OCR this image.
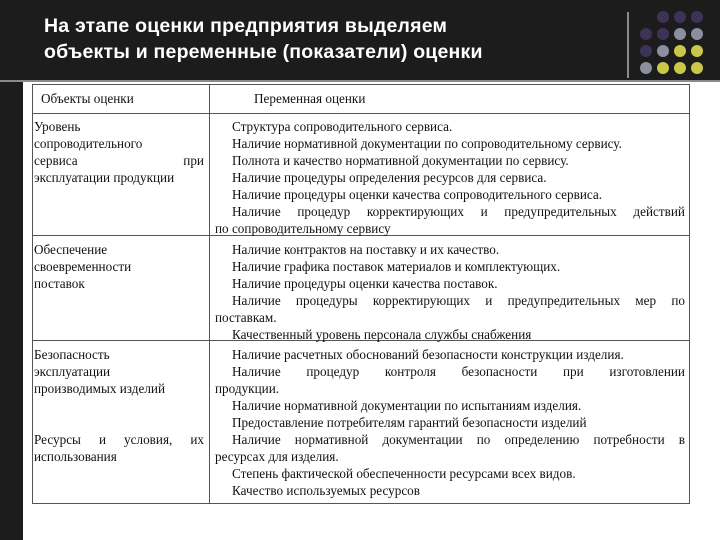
На этапе оценки предприятия выделяем
объекты и переменные (показатели) оценки
Объекты оценки	Переменная оценки
Уровень
сопроводительного
сервиса при
эксплуатации продукции
Структура сопроводительного сервиса.
Наличие нормативной документации по сопроводительному сервису.
Полнота и качество нормативной документации по сервису.
Наличие процедуры определения ресурсов для сервиса.
Наличие процедуры оценки качества сопроводительного сервиса.
Наличие процедур корректирующих и предупредительных действий
по сопроводительному сервису
Обеспечение
своевременности
поставок
Наличие контрактов на поставку и их качество.
Наличие графика поставок материалов и комплектующих.
Наличие процедуры оценки качества поставок.
Наличие процедуры корректирующих и предупредительных мер по
поставкам.
Качественный уровень персонала службы снабжения
Безопасность
эксплуатации
производимых изделий
Ресурсы и условия, их
использования
Наличие расчетных обоснований безопасности конструкции изделия.
Наличие процедур контроля безопасности при изготовлении
продукции.
Наличие нормативной документации по испытаниям изделия.
Предоставление потребителям гарантий безопасности изделий
Наличие нормативной документации по определению потребности в
ресурсах для изделия.
Степень фактической обеспеченности ресурсами всех видов.
Качество используемых ресурсов
